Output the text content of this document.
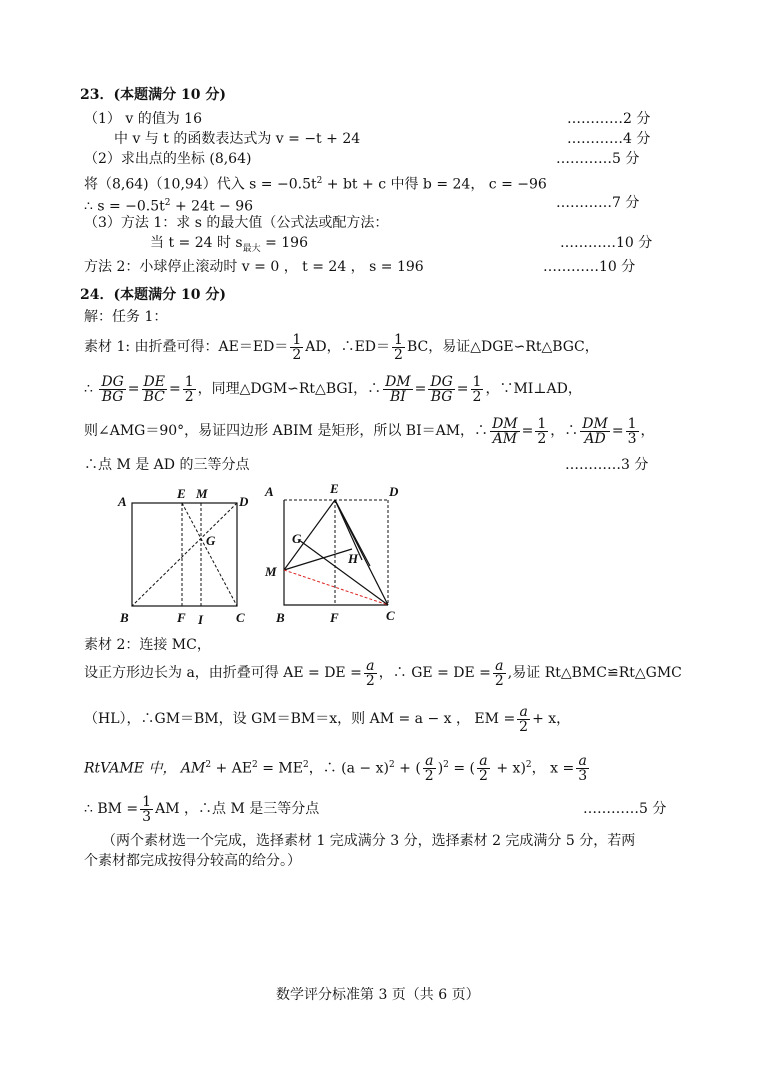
23．(本题满分 10 分)
（1） v 的值为 16	…………2 分
中 v 与 t 的函数表达式为 v = −t + 24	…………4 分
（2）求出点的坐标 (8,64)	…………5 分
将（8,64)（10,94）代入 $s = -0.5t^2$ + bt + c 中得 b = 24， c = −96
∴ $s = -0.5t^2 + 24t - 96$	…………7 分
（3）方法 1：求 s 的最大值（公式法或配方法：
当 t = 24 时 $s_{最大} = 196$	…………10 分
方法 2：小球停止滚动时 v = 0 ， t = 24 ， s = 196	…………10 分
24．(本题满分 10 分)
解：任务 1：
素材 1: 由折叠可得：$AE=ED= \frac{1}{2}$ AD，∴ED＝ $\frac{1}{2}$ BC，易证△DGE∽Rt△BGC，
∴ $\frac{DG}{BG} = \frac{DE}{BC} = \frac{1}{2}$ ，同理△DGM∽Rt△BGI，∴ $\frac{DM}{BI} = \frac{DG}{BG} = \frac{1}{2}$ ，∵MI⊥AD，
则∠AMG＝90°，易证四边形 ABIM 是矩形，所以 BI＝AM，∴ $\frac{DM}{AM} = \frac{1}{2}$ ，∴ $\frac{DM}{AD} = \frac{1}{3}$ ，
∴点 M 是 AD 的三等分点	…………3 分
A
E M
D
G
B	F I	C
A	E	D
G
H
M
B	F	C
素材 2：连接 MC，
设正方形边长为 a，由折叠可得 AE = DE = $\frac{a}{2}$ ，∴ GE = DE = $\frac{a}{2}$ ,易证 Rt△BMC≌Rt△GMC
（HL），∴GM＝BM，设 GM＝BM＝x，则 AM = a − x ， EM = $\frac{a}{2} + x$，
RtVAME 中， $AM^2 + AE^2 = ME^2$，∴ $(a - x)^2$ + ( $\frac{a}{2} )^2$ = ( $\frac{a}{2} + x)^2$， $x = \frac{a}{3}$
∴ BM = $\frac{1}{3}$ AM ，∴点 M 是三等分点	…………5 分
（两个素材选一个完成，选择素材 1 完成满分 3 分，选择素材 2 完成满分 5 分，若两
个素材都完成按得分较高的给分。）
数学评分标准第 3 页（共 6 页）
